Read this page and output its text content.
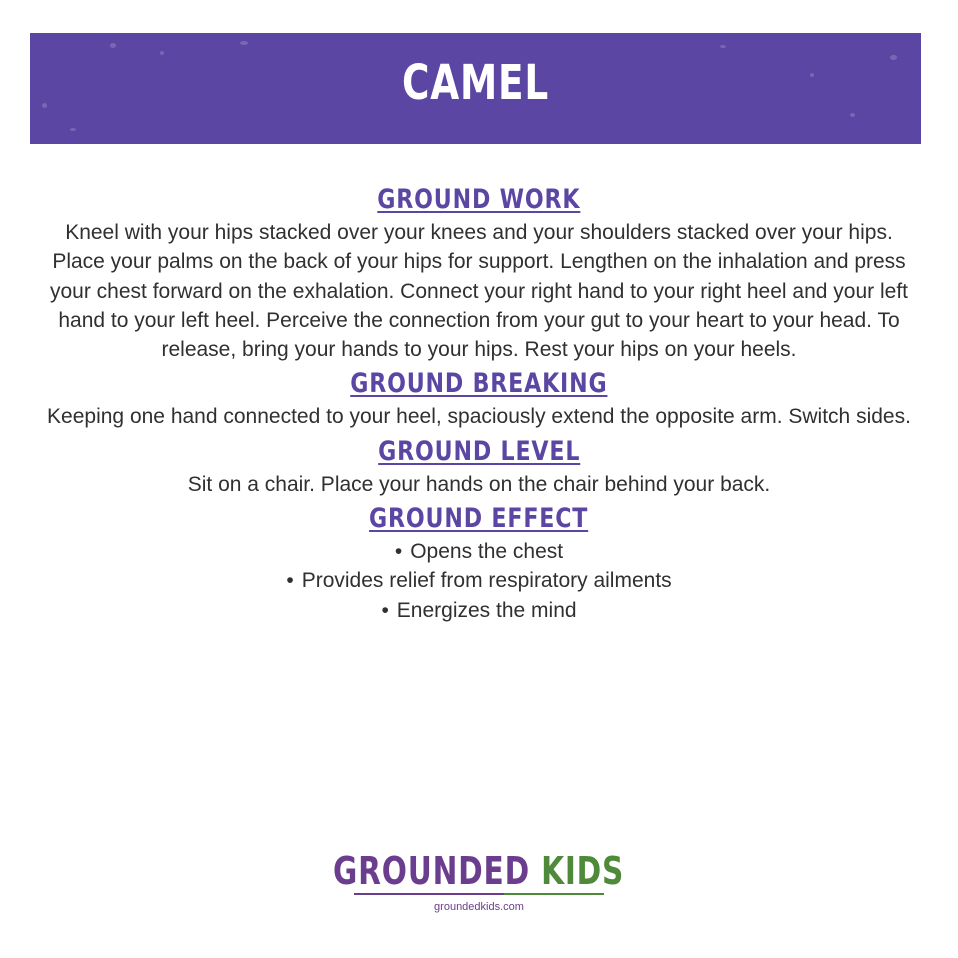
CAMEL
GROUND WORK

Kneel with your hips stacked over your knees and your shoulders stacked over your hips. Place your palms on the back of your hips for support. Lengthen on the inhalation and press your chest forward on the exhalation. Connect your right hand to your right heel and your left hand to your left heel. Perceive the connection from your gut to your heart to your head. To release, bring your hands to your hips. Rest your hips on your heels.

GROUND BREAKING

Keeping one hand connected to your heel, spaciously extend the opposite arm. Switch sides.

GROUND LEVEL

Sit on a chair. Place your hands on the chair behind your back.

GROUND EFFECT
• Opens the chest
• Provides relief from respiratory ailments
• Energizes the mind
GROUNDED KIDS
groundedkids.com
